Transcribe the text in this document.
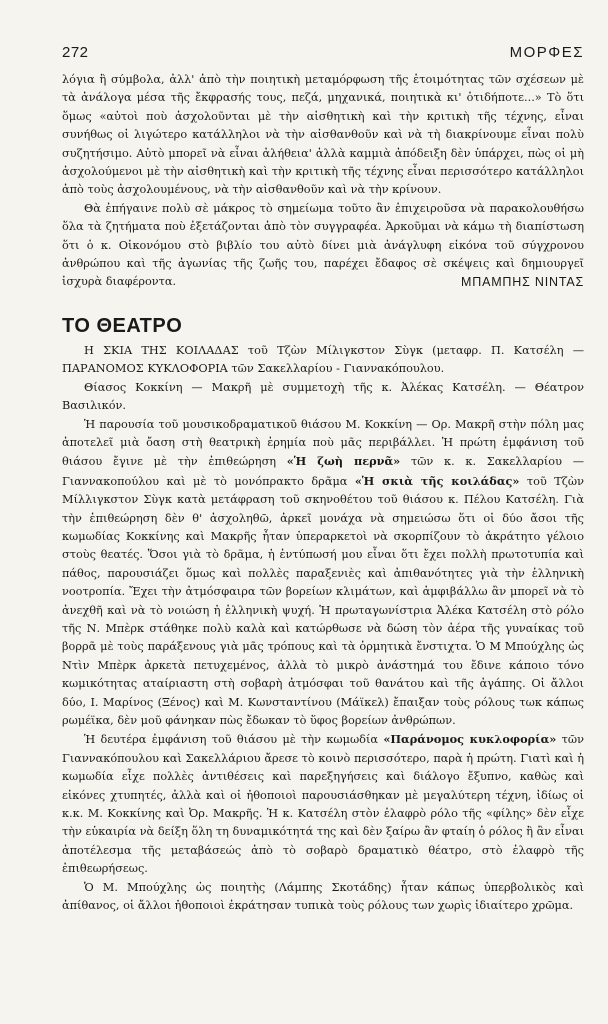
272	ΜΟΡΦΕΣ

λόγια ἢ σύμβολα, ἀλλ' ἀπὸ τὴν ποιητικὴ μεταμόρφωση τῆς ἑτοιμότητας τῶν σχέσεων μὲ τὰ ἀνάλογα μέσα τῆς ἔκφρασής τους, πεζά, μηχανικά, ποιητικὰ κι' ὁτιδήποτε...» Τὸ ὅτι ὅμως «αὐτοὶ ποὺ ἀσχολοῦνται μὲ τὴν αἰσθητικὴ καὶ τὴν κριτικὴ τῆς τέχνης, εἶναι συνήθως οἱ λιγώτερο κατάλληλοι νὰ τὴν αἰσθανθοῦν καὶ νὰ τὴ διακρίνουμε εἶναι πολὺ συζητήσιμο. Αὐτὸ μπορεῖ νὰ εἶναι ἀλήθεια' ἀλλὰ καμμιὰ ἀπόδειξη δὲν ὑπάρχει, πὼς οἱ μὴ ἀσχολούμενοι μὲ τὴν αἰσθητικὴ καὶ τὴν κριτικὴ τῆς τέχνης εἶναι περισσότερο κατάλληλοι ἀπὸ τοὺς ἀσχολουμένους, νὰ τὴν αἰσθανθοῦν καὶ νὰ τὴν κρίνουν.

Θὰ ἐπήγαινε πολὺ σὲ μάκρος τὸ σημείωμα τοῦτο ἂν ἐπιχειροῦσα νὰ παρακολουθήσω ὅλα τὰ ζητήματα ποὺ ἐξετάζονται ἀπὸ τὸν συγγραφέα. Ἀρκοῦμαι νὰ κάμω τὴ διαπίστωση ὅτι ὁ κ. Οἰκονόμου στὸ βιβλίο του αὐτὸ δίνει μιὰ ἀνάγλυφη εἰκόνα τοῦ σύγχρονου ἀνθρώπου καὶ τῆς ἀγωνίας τῆς ζωῆς του, παρέχει ἔδαφος σὲ σκέψεις καὶ δημιουργεῖ ἰσχυρὰ διαφέροντα.	ΜΠΑΜΠΗΣ ΝΙΝΤΑΣ
ΤΟ ΘΕΑΤΡΟ

Η ΣΚΙΑ ΤΗΣ ΚΟΙΛΑΔΑΣ τοῦ Τζὼν Μίλιγκστον Σὺγκ (μεταφρ. Π. Κατσέλη — ΠΑΡΑΝΟΜΟΣ ΚΥΚΛΟΦΟΡΙΑ τῶν Σακελλαρίου - Γιαννακόπουλου.

Θίασος Κοκκίνη — Μακρῆ μὲ συμμετοχὴ τῆς κ. Ἀλέκας Κατσέλη. — Θέατρον Βασιλικόν.

Ἡ παρουσία τοῦ μουσικοδραματικοῦ θιάσου Μ. Κοκκίνη — Ορ. Μακρῆ στὴν πόλη μας ἀποτελεῖ μιὰ ὄαση στὴ θεατρικὴ ἐρημία ποὺ μᾶς περιβάλλει. Ἡ πρώτη ἐμφάνιση τοῦ θιάσου ἔγινε μὲ τὴν ἐπιθεώρηση «Ἡ ζωὴ περνᾶ» τῶν κ. κ. Σακελλαρίου — Γιαννακοπούλου καὶ μὲ τὸ μονόπρακτο δρᾶμα «Ἡ σκιὰ τῆς κοιλάδας» τοῦ Τζὼν Μίλλιγκστον Σὺγκ κατὰ μετάφραση τοῦ σκηνοθέτου τοῦ θιάσου κ. Πέλου Κατσέλη. Γιὰ τὴν ἐπιθεώρηση δὲν θ' ἀσχοληθῶ, ἀρκεῖ μονάχα νὰ σημειώσω ὅτι οἱ δύο ἄσοι τῆς κωμωδίας Κοκκίνης καὶ Μακρῆς ἦταν ὑπεραρκετοὶ νὰ σκορπίζουν τὸ ἀκράτητο γέλοιο στοὺς θεατές. Ὅσοι γιὰ τὸ δρᾶμα, ἡ ἐντύπωσή μου εἶναι ὅτι ἔχει πολλὴ πρωτοτυπία καὶ πάθος, παρουσιάζει ὅμως καὶ πολλὲς παραξενιὲς καὶ ἀπιθανότητες γιὰ τὴν ἑλληνικὴ νοοτροπία. Ἔχει τὴν ἀτμόσφαιρα τῶν βορείων κλιμάτων, καὶ ἀμφιβάλλω ἂν μπορεῖ νὰ τὸ ἀνεχθῆ καὶ νὰ τὸ νοιώση ἡ ἑλληνικὴ ψυχή. Ἡ πρωταγωνίστρια Ἀλέκα Κατσέλη στὸ ρόλο τῆς Ν. Μπὲρκ στάθηκε πολὺ καλὰ καὶ κατώρθωσε νὰ δώση τὸν ἀέρα τῆς γυναίκας τοῦ βορρᾶ μὲ τοὺς παράξενους γιὰ μᾶς τρόπους καὶ τὰ ὁρμητικὰ ἔνστιχτα. Ὁ Μ Μπούχλης ὡς Ντὶν Μπὲρκ ἀρκετὰ πετυχεμένος, ἀλλὰ τὸ μικρὸ ἀνάστημά του ἔδινε κάποιο τόνο κωμικότητας αταίριαστη στὴ σοβαρὴ ἀτμόσφαι τοῦ θανάτου καὶ τῆς ἀγάπης. Οἱ ἄλλοι δύο, Ι. Μαρίνος (Ξένος) καὶ Μ. Κωνσταντίνου (Μάϊκελ) ἔπαιξαν τοὺς ρόλους τωκ κάπως ρωμέϊκα, δὲν μοῦ φάνηκαν πὼς ἔδωκαν τὸ ὕφος βορείων ἀνθρώπων.

Ἡ δευτέρα ἐμφάνιση τοῦ θιάσου μὲ τὴν κωμωδία «Παράνομος κυκλοφορία» τῶν Γιαννακόπουλου καὶ Σακελλάριου ἄρεσε τὸ κοινὸ περισσότερο, παρὰ ἡ πρώτη. Γιατὶ καὶ ἡ κωμωδία εἶχε πολλὲς ἀντιθέσεις καὶ παρεξηγήσεις καὶ διάλογο ἔξυπνο, καθὼς καὶ εἰκόνες χτυπητές, ἀλλὰ καὶ οἱ ἠθοποιοὶ παρουσιάσθηκαν μὲ μεγαλύτερη τέχνη, ἰδίως οἱ κ.κ. Μ. Κοκκίνης καὶ Ὀρ. Μακρῆς. Ἡ κ. Κατσέλη στὸν ἐλαφρὸ ρόλο τῆς «φίλης» δὲν εἶχε τὴν εὐκαιρία νὰ δείξη ὅλη τη δυναμικότητά της καὶ δὲν ξαίρω ἂν φταίη ὁ ρόλος ἢ ἂν εἶναι ἀποτέλεσμα τῆς μεταβάσεώς ἀπὸ τὸ σοβαρὸ δραματικὸ θέατρο, στὸ ἐλαφρὸ τῆς ἐπιθεωρήσεως.

Ὁ Μ. Μπούχλης ὡς ποιητὴς (Λάμπης Σκοτάδης) ἦταν κάπως ὑπερβολικὸς καὶ ἀπίθανος, οἱ ἄλλοι ἠθοποιοὶ ἐκράτησαν τυπικὰ τοὺς ρόλους των χωρὶς ἰδιαίτερο χρῶμα.
